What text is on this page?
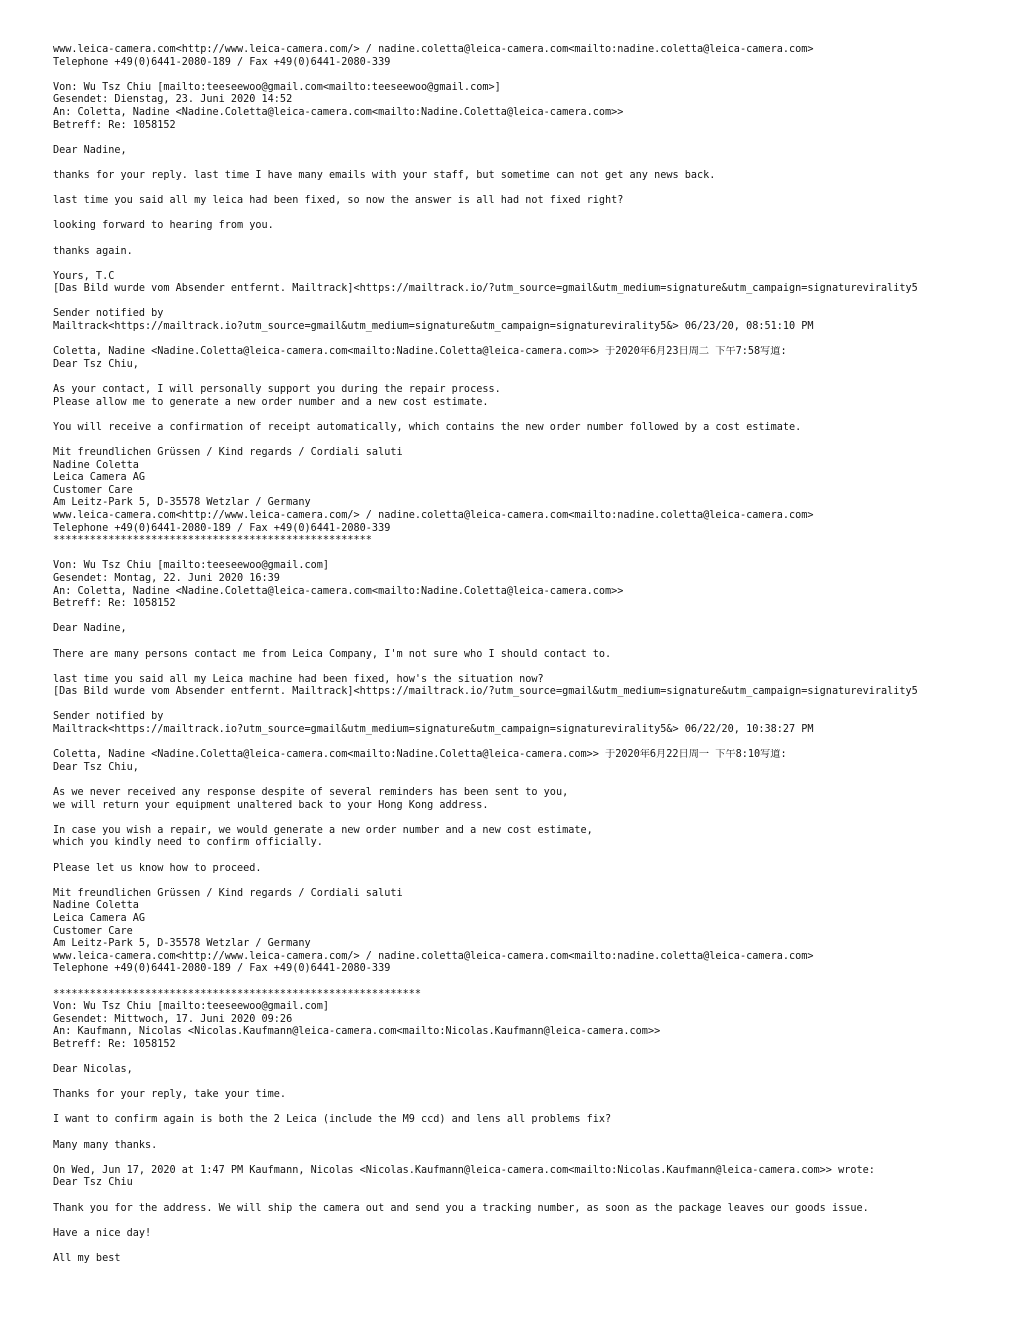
www.leica-camera.com<http://www.leica-camera.com/> / nadine.coletta@leica-camera.com<mailto:nadine.coletta@leica-camera.com>
Telephone +49(0)6441-2080-189 / Fax +49(0)6441-2080-339
Von: Wu Tsz Chiu [mailto:teeseewoo@gmail.com<mailto:teeseewoo@gmail.com>]
Gesendet: Dienstag, 23. Juni 2020 14:52
An: Coletta, Nadine <Nadine.Coletta@leica-camera.com<mailto:Nadine.Coletta@leica-camera.com>>
Betreff: Re: 1058152
Dear Nadine,
thanks for your reply. last time I have many emails with your staff, but sometime can not get any news back.
last time you said all my leica had been fixed, so now the answer is all had not fixed right?
looking forward to hearing from you.
thanks again.
Yours, T.C
[Das Bild wurde vom Absender entfernt. Mailtrack]<https://mailtrack.io/?utm_source=gmail&utm_medium=signature&utm_campaign=signaturevirality5
Sender notified by
Mailtrack<https://mailtrack.io?utm_source=gmail&utm_medium=signature&utm_campaign=signaturevirality5&> 06/23/20, 08:51:10 PM
Coletta, Nadine <Nadine.Coletta@leica-camera.com<mailto:Nadine.Coletta@leica-camera.com>> 于2020年6月23日周二 下午7:58写道:
Dear Tsz Chiu,
As your contact, I will personally support you during the repair process.
Please allow me to generate a new order number and a new cost estimate.
You will receive a confirmation of receipt automatically, which contains the new order number followed by a cost estimate.
Mit freundlichen Grüssen / Kind regards / Cordiali saluti
Nadine Coletta
Leica Camera AG
Customer Care
Am Leitz-Park 5, D-35578 Wetzlar / Germany
www.leica-camera.com<http://www.leica-camera.com/> / nadine.coletta@leica-camera.com<mailto:nadine.coletta@leica-camera.com>
Telephone +49(0)6441-2080-189 / Fax +49(0)6441-2080-339
****************************************************
Von: Wu Tsz Chiu [mailto:teeseewoo@gmail.com]
Gesendet: Montag, 22. Juni 2020 16:39
An: Coletta, Nadine <Nadine.Coletta@leica-camera.com<mailto:Nadine.Coletta@leica-camera.com>>
Betreff: Re: 1058152
Dear Nadine,
There are many persons contact me from Leica Company, I'm not sure who I should contact to.
last time you said all my Leica machine had been fixed, how's the situation now?
[Das Bild wurde vom Absender entfernt. Mailtrack]<https://mailtrack.io/?utm_source=gmail&utm_medium=signature&utm_campaign=signaturevirality5
Sender notified by
Mailtrack<https://mailtrack.io?utm_source=gmail&utm_medium=signature&utm_campaign=signaturevirality5&> 06/22/20, 10:38:27 PM
Coletta, Nadine <Nadine.Coletta@leica-camera.com<mailto:Nadine.Coletta@leica-camera.com>> 于2020年6月22日周一 下午8:10写道:
Dear Tsz Chiu,
As we never received any response despite of several reminders has been sent to you,
we will return your equipment unaltered back to your Hong Kong address.
In case you wish a repair, we would generate a new order number and a new cost estimate,
which you kindly need to confirm officially.
Please let us know how to proceed.
Mit freundlichen Grüssen / Kind regards / Cordiali saluti
Nadine Coletta
Leica Camera AG
Customer Care
Am Leitz-Park 5, D-35578 Wetzlar / Germany
www.leica-camera.com<http://www.leica-camera.com/> / nadine.coletta@leica-camera.com<mailto:nadine.coletta@leica-camera.com>
Telephone +49(0)6441-2080-189 / Fax +49(0)6441-2080-339
************************************************************
Von: Wu Tsz Chiu [mailto:teeseewoo@gmail.com]
Gesendet: Mittwoch, 17. Juni 2020 09:26
An: Kaufmann, Nicolas <Nicolas.Kaufmann@leica-camera.com<mailto:Nicolas.Kaufmann@leica-camera.com>>
Betreff: Re: 1058152
Dear Nicolas,
Thanks for your reply, take your time.
I want to confirm again is both the 2 Leica (include the M9 ccd) and lens all problems fix?
Many many thanks.
On Wed, Jun 17, 2020 at 1:47 PM Kaufmann, Nicolas <Nicolas.Kaufmann@leica-camera.com<mailto:Nicolas.Kaufmann@leica-camera.com>> wrote:
Dear Tsz Chiu
Thank you for the address. We will ship the camera out and send you a tracking number, as soon as the package leaves our goods issue.
Have a nice day!
All my best
